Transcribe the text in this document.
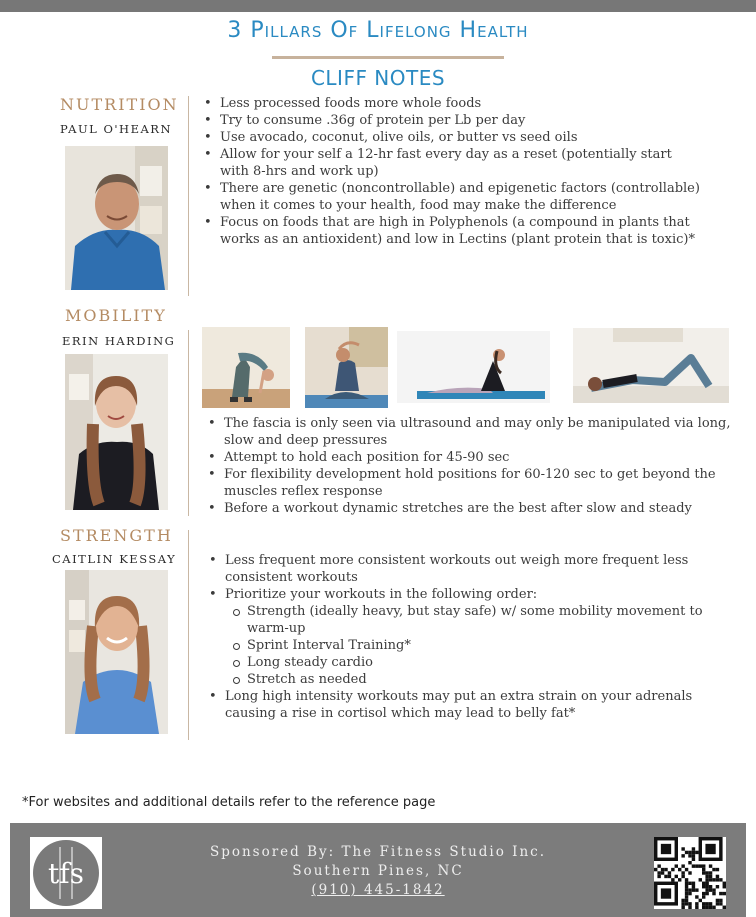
3 Pillars Of Lifelong Health
CLIFF NOTES
NUTRITION
PAUL O'HEARN
• Less processed foods more whole foods
• Try to consume .36g of protein per Lb per day
• Use avocado, coconut, olive oils, or butter vs seed oils
• Allow for your self a 12-hr fast every day as a reset (potentially start with 8-hrs and work up)
• There are genetic (noncontrollable) and epigenetic factors (controllable) when it comes to your health, food may make the difference
• Focus on foods that are high in Polyphenols (a compound in plants that works as an antioxident) and low in Lectins (plant protein that is toxic)*
MOBILITY
ERIN HARDING
• The fascia is only seen via ultrasound and may only be manipulated via long, slow and deep pressures
• Attempt to hold each position for 45-90 sec
• For flexibility development hold positions for 60-120 sec to get beyond the muscles reflex response
• Before a workout dynamic stretches are the best after slow and steady
STRENGTH
CAITLIN KESSAY
•	Less frequent more consistent workouts out weigh more frequent less consistent workouts
• Prioritize your workouts in the following order:
Strength (ideally heavy, but stay safe) w/ some mobility movement to warm-up
Sprint Interval Training*
Long steady cardio
Stretch as needed
• Long high intensity workouts may put an extra strain on your adrenals causing a rise in cortisol which may lead to belly fat*
*For websites and additional details refer to the reference page
tfs
Sponsored By: The Fitness Studio Inc.
Southern Pines, NC
(910) 445-1842
